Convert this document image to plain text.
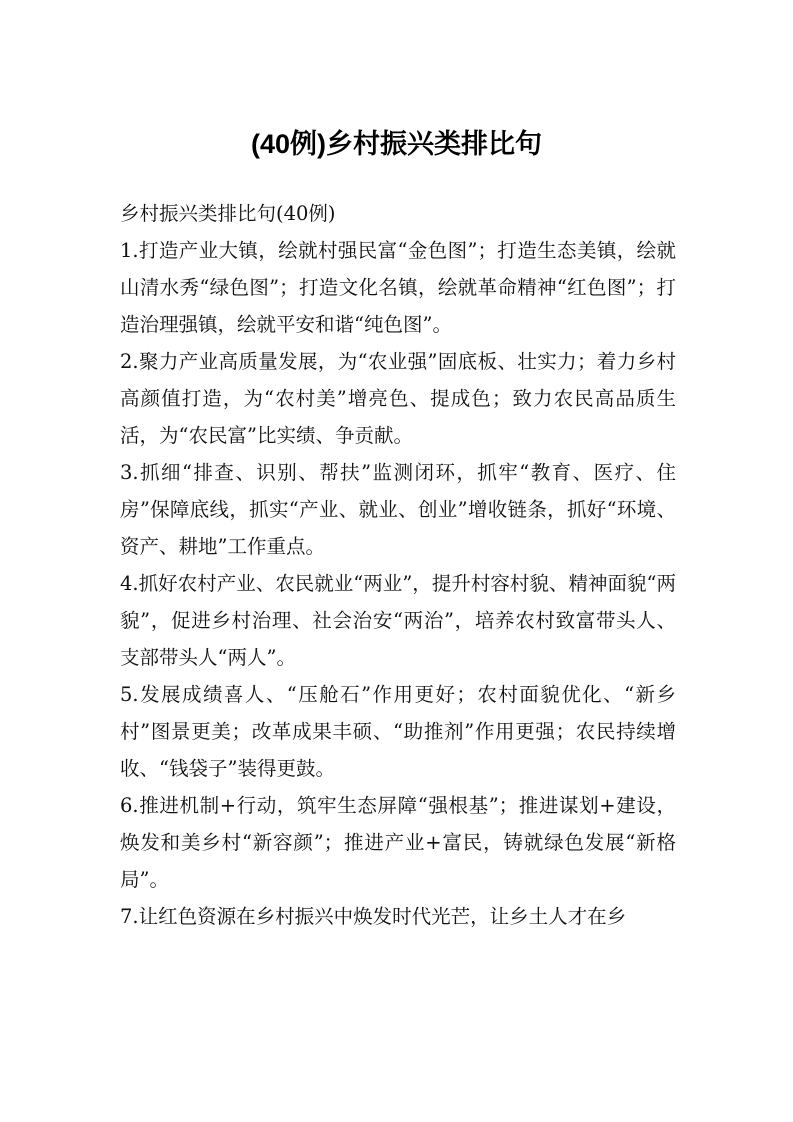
(40例)乡村振兴类排比句

乡村振兴类排比句(40例)

1.打造产业大镇，绘就村强民富“金色图”；打造生态美镇，绘就山清水秀“绿色图”；打造文化名镇，绘就革命精神“红色图”；打造治理强镇，绘就平安和谐“纯色图”。

2.聚力产业高质量发展，为“农业强”固底板、壮实力；着力乡村高颜值打造，为“农村美”增亮色、提成色；致力农民高品质生活，为“农民富”比实绩、争贡献。

3.抓细“排查、识别、帮扶”监测闭环，抓牢“教育、医疗、住房”保障底线，抓实“产业、就业、创业”增收链条，抓好“环境、资产、耕地”工作重点。

4.抓好农村产业、农民就业“两业”，提升村容村貌、精神面貌“两貌”，促进乡村治理、社会治安“两治”，培养农村致富带头人、支部带头人“两人”。

5.发展成绩喜人、“压舱石”作用更好；农村面貌优化、“新乡村”图景更美；改革成果丰硕、“助推剂”作用更强；农民持续增收、“钱袋子”装得更鼓。

6.推进机制+行动，筑牢生态屏障“强根基”；推进谋划+建设，焕发和美乡村“新容颜”；推进产业+富民，铸就绿色发展“新格局”。

7.让红色资源在乡村振兴中焕发时代光芒，让乡土人才在乡
